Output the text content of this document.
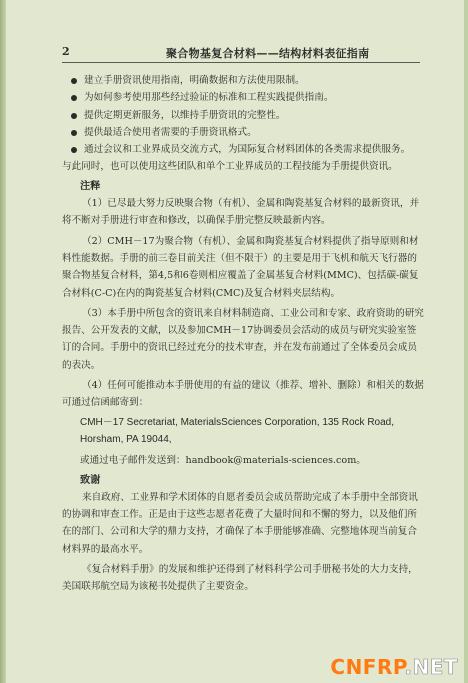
2	聚合物基复合材料——结构材料表征指南
建立手册资讯使用指南，明确数据和方法使用限制。
为如何参考使用那些经过验证的标准和工程实践提供指南。
提供定期更新服务，以维持手册资讯的完整性。
提供最适合使用者需要的手册资讯格式。
通过会议和工业界成员交流方式，为国际复合材料团体的各类需求提供服务。

与此同时，也可以使用这些团队和单个工业界成员的工程技能为手册提供资讯。

注释

（1）已尽最大努力反映聚合物（有机）、金属和陶瓷基复合材料的最新资讯，并将不断对手册进行审查和修改，以确保手册完整反映最新内容。

（2）CMH－17为聚合物（有机）、金属和陶瓷基复合材料提供了指导原则和材料性能数据。手册的前三卷目前关注（但不限于）的主要是用于飞机和航天飞行器的聚合物基复合材料，第4,5和6卷则相应覆盖了金属基复合材料(MMC)、包括碳-碳复合材料(C-C)在内的陶瓷基复合材料(CMC)及复合材料夹层结构。

（3）本手册中所包含的资讯来自材料制造商、工业公司和专家、政府资助的研究报告、公开发表的文献，以及参加CMH－17协调委员会活动的成员与研究实验室签订的合同。手册中的资讯已经过充分的技术审查，并在发布前通过了全体委员会成员的表决。

（4）任何可能推动本手册使用的有益的建议（推荐、增补、删除）和相关的数据可通过信函邮寄到：

CMH－17 Secretariat, MaterialsSciences Corporation, 135 Rock Road, Horsham, PA 19044,
或通过电子邮件发送到：handbook@materials-sciences.com。
致谢

来自政府、工业界和学术团体的自愿者委员会成员帮助完成了本手册中全部资讯的协调和审查工作。正是由于这些志愿者花费了大量时间和不懈的努力，以及他们所在的部门、公司和大学的鼎力支持，才确保了本手册能够准确、完整地体现当前复合材料界的最高水平。

《复合材料手册》的发展和维护还得到了材料科学公司手册秘书处的大力支持，美国联邦航空局为该秘书处提供了主要资金。

CNFRP.NET
